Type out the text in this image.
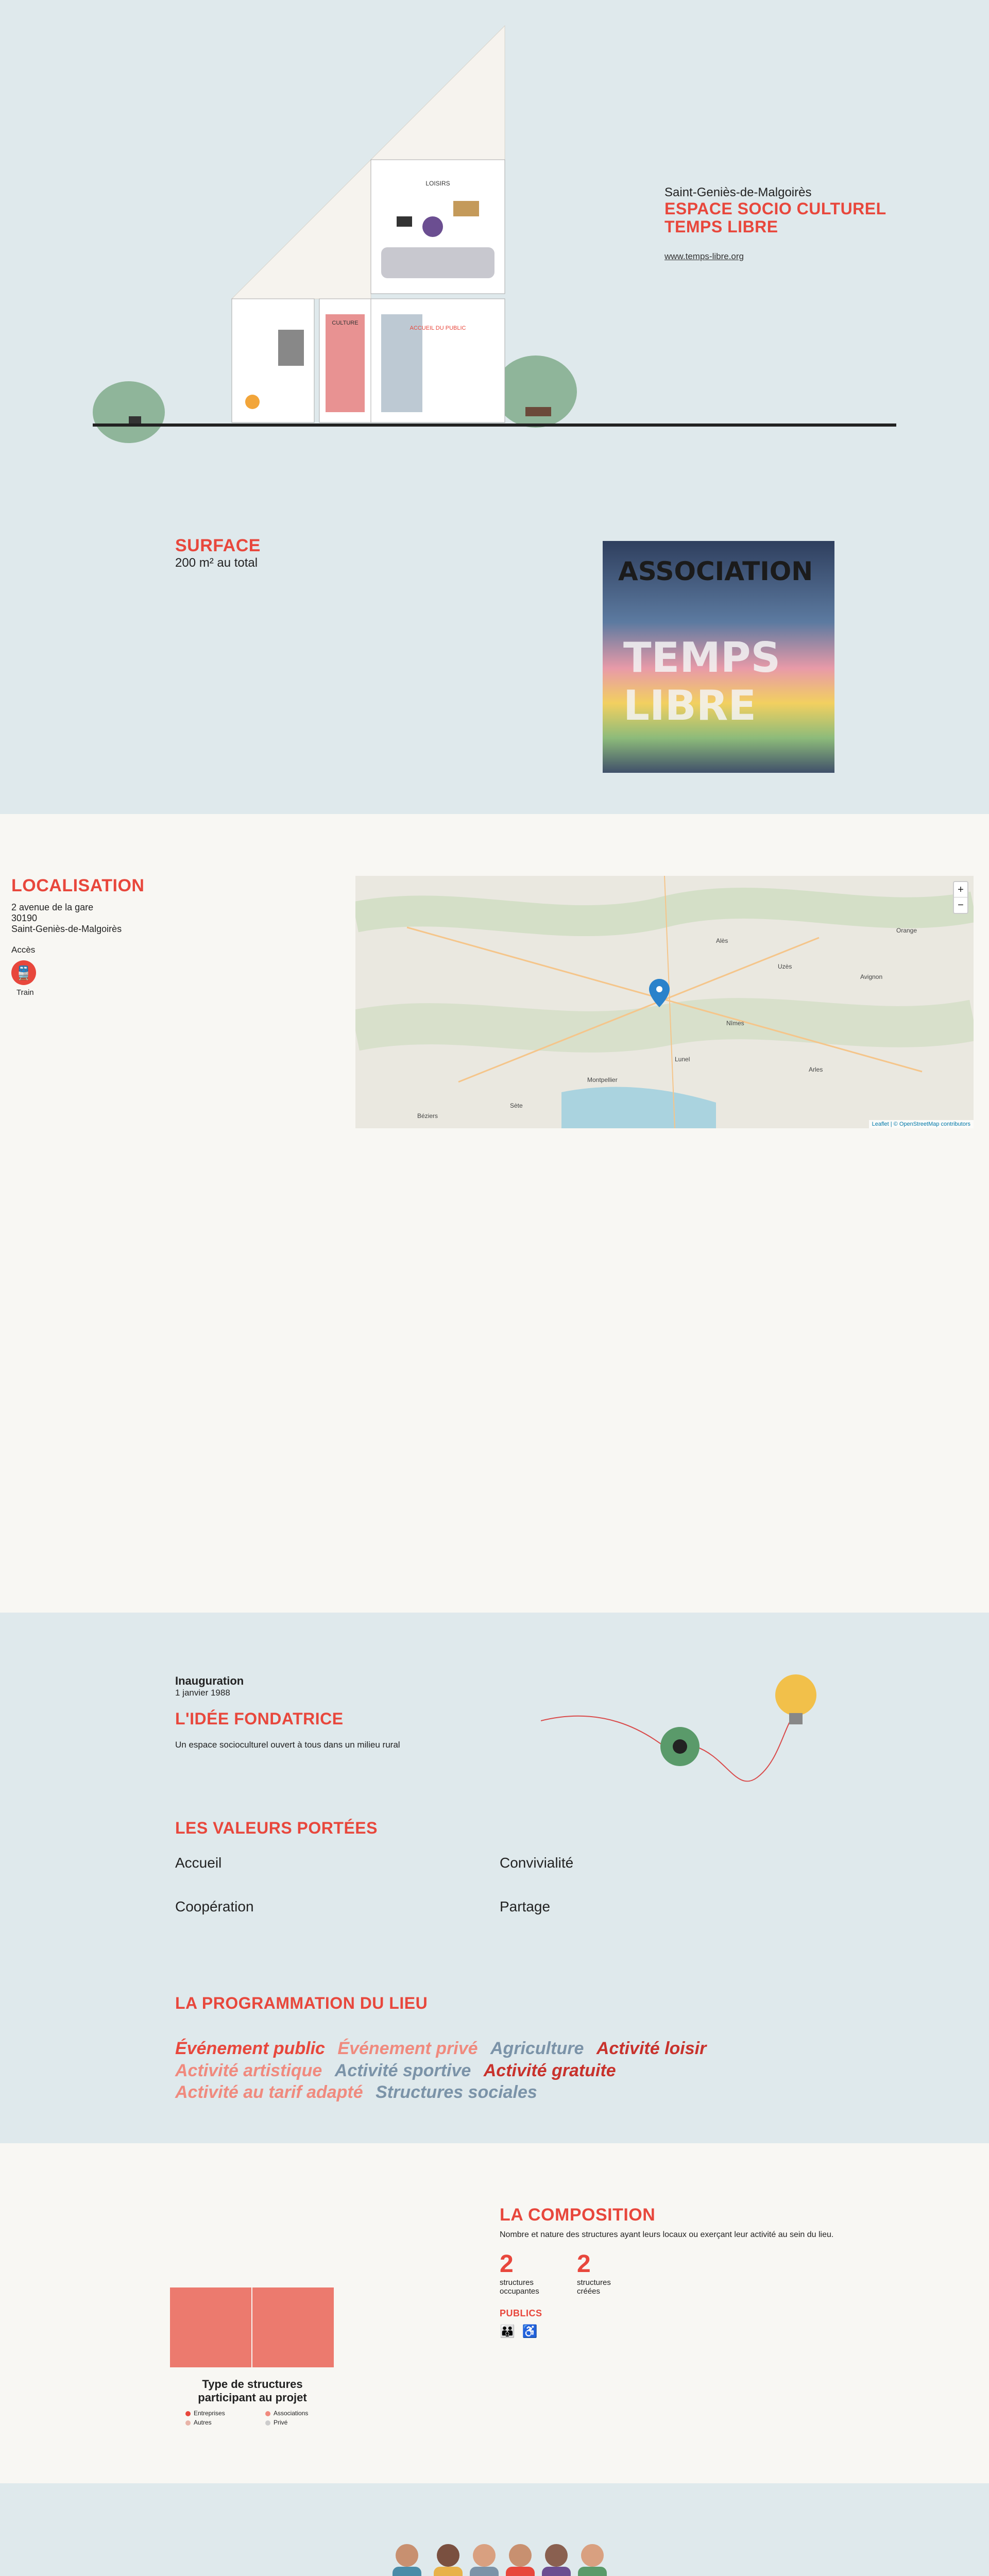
LOISIRS
CULTURE
ACCUEIL DU PUBLIC
Saint-Geniès-de-Malgoirès
ESPACE SOCIO CULTUREL
TEMPS LIBRE
www.temps-libre.org
SURFACE
200 m² au total	ASSOCIATION
TEMPS LIBRE
LOCALISATION
2 avenue de la gare
30190
Saint-Geniès-de-Malgoirès
Accès
🚆
Train
Nîmes
Alès
Montpellier
Avignon
Arles
Orange
Béziers
Lunel
Uzès
Sète
+
−
Leaflet | © OpenStreetMap contributors
Inauguration
1 janvier 1988
L'IDÉE FONDATRICE
Un espace socioculturel ouvert à tous dans un milieu rural
LES VALEURS PORTÉES
Accueil	Convivialité
Coopération	Partage
LA PROGRAMMATION DU LIEU
Événement public Événement privé Agriculture Activité loisir Activité artistique Activité sportive Activité gratuite Activité au tarif adapté Structures sociales
LA COMPOSITION
Nombre et nature des structures ayant leurs locaux ou exerçant leur activité au sein du lieu.
2
structures occupantes
2
structures créées
PUBLICS
👪 ♿
Type de structures
participant au projet
Entreprises	Associations
Autres	Privé
